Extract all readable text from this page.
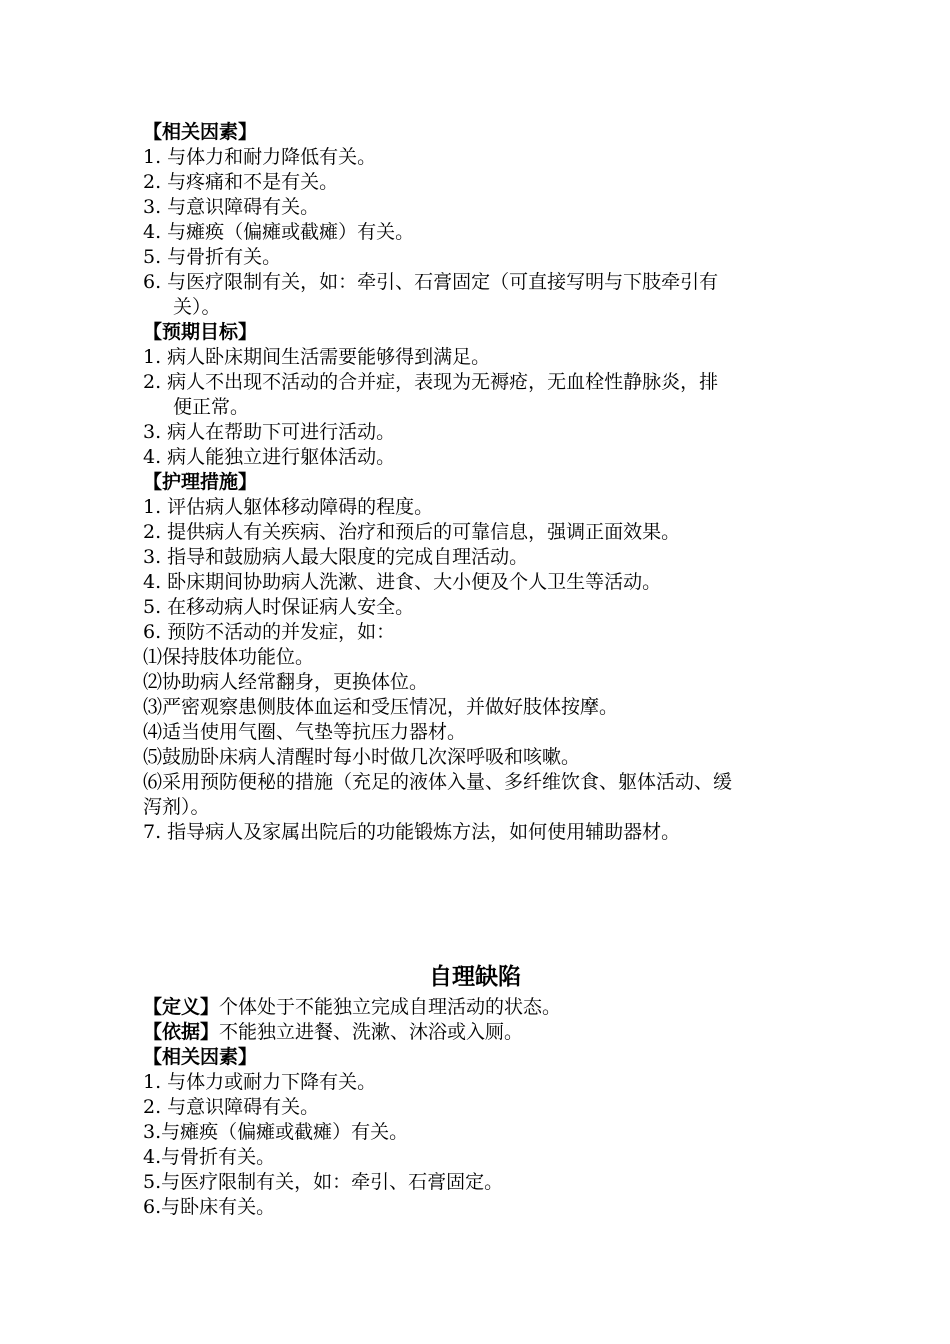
【相关因素】
1. 与体力和耐力降低有关。
2. 与疼痛和不是有关。
3. 与意识障碍有关。
4. 与瘫痪（偏瘫或截瘫）有关。
5. 与骨折有关。
6. 与医疗限制有关，如：牵引、石膏固定（可直接写明与下肢牵引有
关）。
【预期目标】
1. 病人卧床期间生活需要能够得到满足。
2. 病人不出现不活动的合并症，表现为无褥疮，无血栓性静脉炎，排
便正常。
3. 病人在帮助下可进行活动。
4. 病人能独立进行躯体活动。
【护理措施】
1. 评估病人躯体移动障碍的程度。
2. 提供病人有关疾病、治疗和预后的可靠信息，强调正面效果。
3. 指导和鼓励病人最大限度的完成自理活动。
4. 卧床期间协助病人洗漱、进食、大小便及个人卫生等活动。
5. 在移动病人时保证病人安全。
6. 预防不活动的并发症，如：
⑴保持肢体功能位。
⑵协助病人经常翻身，更换体位。
⑶严密观察患侧肢体血运和受压情况，并做好肢体按摩。
⑷适当使用气圈、气垫等抗压力器材。
⑸鼓励卧床病人清醒时每小时做几次深呼吸和咳嗽。
⑹采用预防便秘的措施（充足的液体入量、多纤维饮食、躯体活动、缓
泻剂）。
7. 指导病人及家属出院后的功能锻炼方法，如何使用辅助器材。
自理缺陷
【定义】个体处于不能独立完成自理活动的状态。
【依据】不能独立进餐、洗漱、沐浴或入厕。
【相关因素】
1. 与体力或耐力下降有关。
2. 与意识障碍有关。
3.与瘫痪（偏瘫或截瘫）有关。
4.与骨折有关。
5.与医疗限制有关，如：牵引、石膏固定。
6.与卧床有关。
